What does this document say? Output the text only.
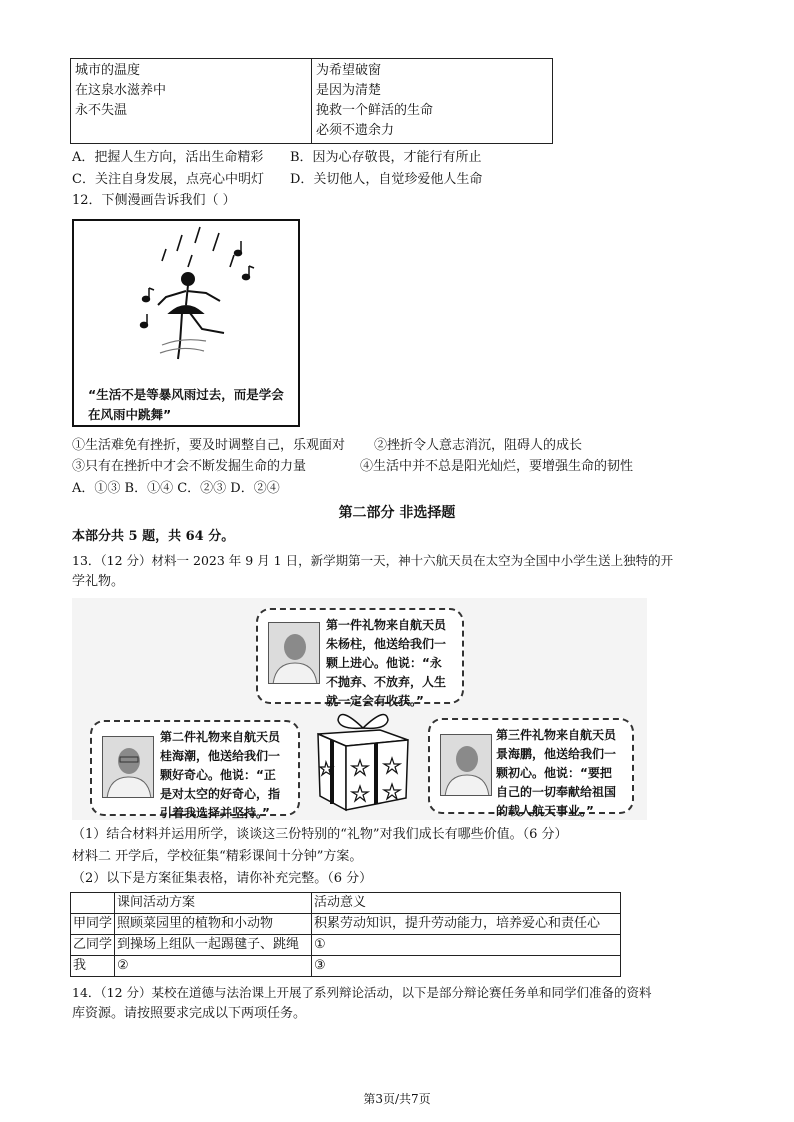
城市的温度
在这泉水滋养中
永不失温

为希望破窗
是因为清楚
挽救一个鲜活的生命
必须不遗余力
A．把握人生方向，活出生命精彩 B．因为心存敬畏，才能行有所止
C．关注自身发展，点亮心中明灯 D．关切他人，自觉珍爱他人生命
12．下侧漫画告诉我们（ ）
“生活不是等暴风雨过去，而是学会
在风雨中跳舞”
①生活难免有挫折，要及时调整自己，乐观面对 ②挫折令人意志消沉，阻碍人的成长
③只有在挫折中才会不断发掘生命的力量	④生活中并不总是阳光灿烂，要增强生命的韧性
A．①③ B．①④ C．②③ D．②④
第二部分 非选择题
本部分共 5 题，共 64 分。
13．（12 分）材料一 2023 年 9 月 1 日，新学期第一天，神十六航天员在太空为全国中小学生送上独特的开
学礼物。
第一件礼物来自航天员
朱杨柱，他送给我们一
颗上进心。他说：“永
不抛弃、不放弃，人生
就一定会有收获。”
第二件礼物来自航天员
桂海潮，他送给我们一
颗好奇心。他说：“正
是对太空的好奇心，指
引着我选择并坚持。”
第三件礼物来自航天员
景海鹏，他送给我们一
颗初心。他说：“要把
自己的一切奉献给祖国
的载人航天事业。”
（1）结合材料并运用所学，谈谈这三份特别的“礼物”对我们成长有哪些价值。（6 分）
材料二 开学后，学校征集“精彩课间十分钟”方案。
（2）以下是方案征集表格，请你补充完整。（6 分）
	课间活动方案	活动意义
甲同学	照顾菜园里的植物和小动物	积累劳动知识，提升劳动能力，培养爱心和责任心
乙同学	到操场上组队一起踢毽子、跳绳	①
我	②	③
14．（12 分）某校在道德与法治课上开展了系列辩论活动，以下是部分辩论赛任务单和同学们准备的资料
库资源。请按照要求完成以下两项任务。
第3页/共7页
